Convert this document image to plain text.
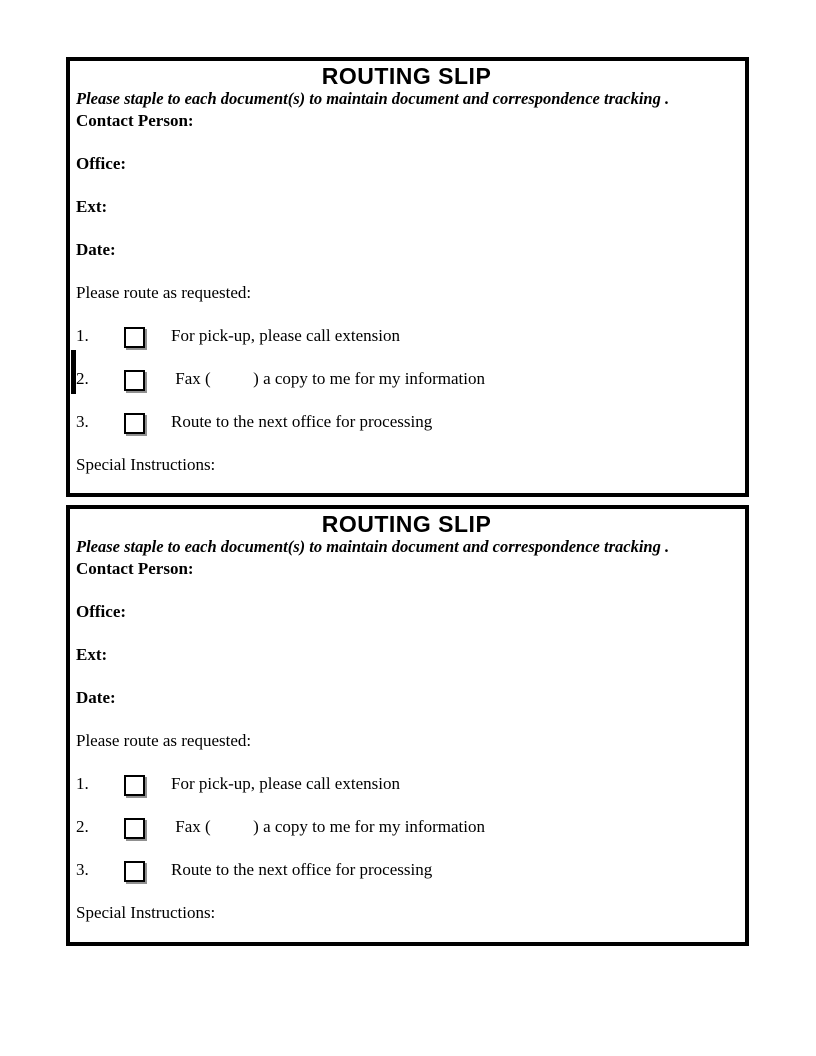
ROUTING SLIP
Please staple to each document(s) to maintain document and correspondence tracking .
Contact Person:
Office:
Ext:
Date:
Please route as requested:
1.	For pick-up, please call extension
2.	Fax (          ) a copy to me for my information
3.	Route to the next office for processing
Special Instructions:
ROUTING SLIP
Please staple to each document(s) to maintain document and correspondence tracking .
Contact Person:
Office:
Ext:
Date:
Please route as requested:
1.	For pick-up, please call extension
2.	Fax (          ) a copy to me for my information
3.	Route to the next office for processing
Special Instructions:
